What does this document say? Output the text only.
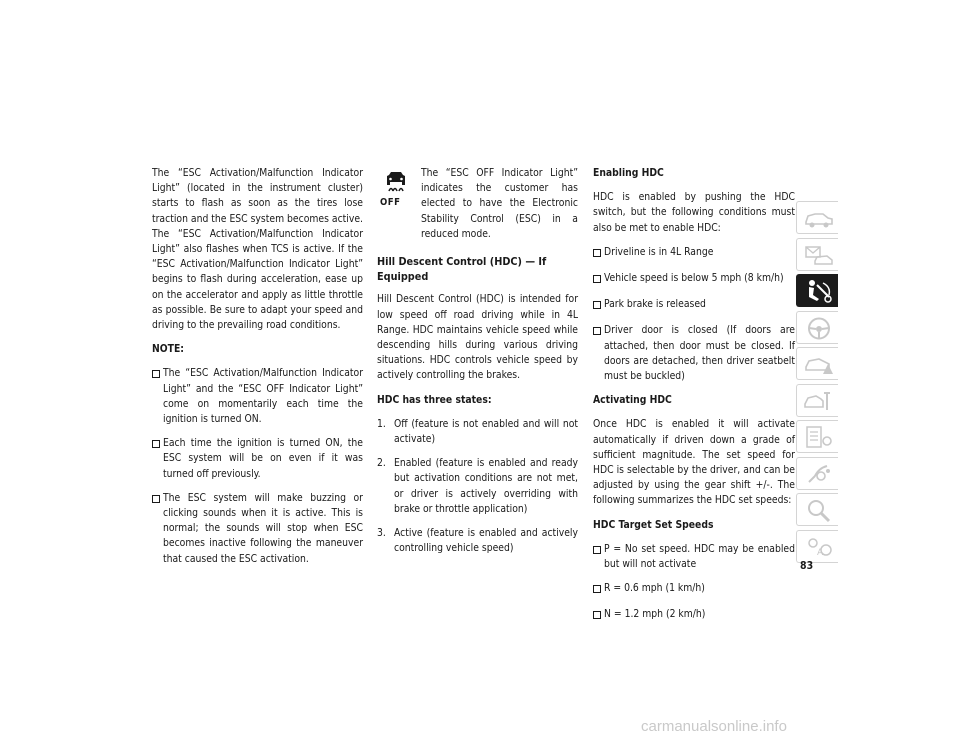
The “ESC Activation/Malfunction Indicator Light” (located in the instrument cluster) starts to flash as soon as the tires lose traction and the ESC system becomes active. The “ESC Activation/Malfunction Indicator Light” also flashes when TCS is active. If the “ESC Activation/Malfunction Indicator Light” begins to flash during acceleration, ease up on the accelerator and apply as little throttle as possible. Be sure to adapt your speed and driving to the prevailing road conditions.

NOTE:

The “ESC Activation/Malfunction Indicator Light” and the “ESC OFF Indicator Light” come on momentarily each time the ignition is turned ON.
Each time the ignition is turned ON, the ESC system will be on even if it was turned off previously.
The ESC system will make buzzing or clicking sounds when it is active. This is normal; the sounds will stop when ESC becomes inactive following the maneuver that caused the ESC activation.
OFF
The “ESC OFF Indicator Light” indicates the customer has elected to have the Electronic Stability Control (ESC) in a reduced mode.
Hill Descent Control (HDC) — If Equipped

Hill Descent Control (HDC) is intended for low speed off road driving while in 4L Range. HDC maintains vehicle speed while descending hills during various driving situations. HDC controls vehicle speed by actively controlling the brakes.

HDC has three states:

1. Off (feature is not enabled and will not activate)
2. Enabled (feature is enabled and ready but activation conditions are not met, or driver is actively overriding with brake or throttle application)
3. Active (feature is enabled and actively controlling vehicle speed)

Enabling HDC

HDC is enabled by pushing the HDC switch, but the following conditions must also be met to enable HDC:

Driveline is in 4L Range
Vehicle speed is below 5 mph (8 km/h)
Park brake is released
Driver door is closed (If doors are attached, then door must be closed. If doors are detached, then driver seatbelt must be buckled)

Activating HDC

Once HDC is enabled it will activate automatically if driven down a grade of sufficient magnitude. The set speed for HDC is selectable by the driver, and can be adjusted by using the gear shift +/-. The following summarizes the HDC set speeds:

HDC Target Set Speeds

P = No set speed. HDC may be enabled but will not activate
R = 0.6 mph (1 km/h)
N = 1.2 mph (2 km/h)
A
83
carmanualsonline.info
